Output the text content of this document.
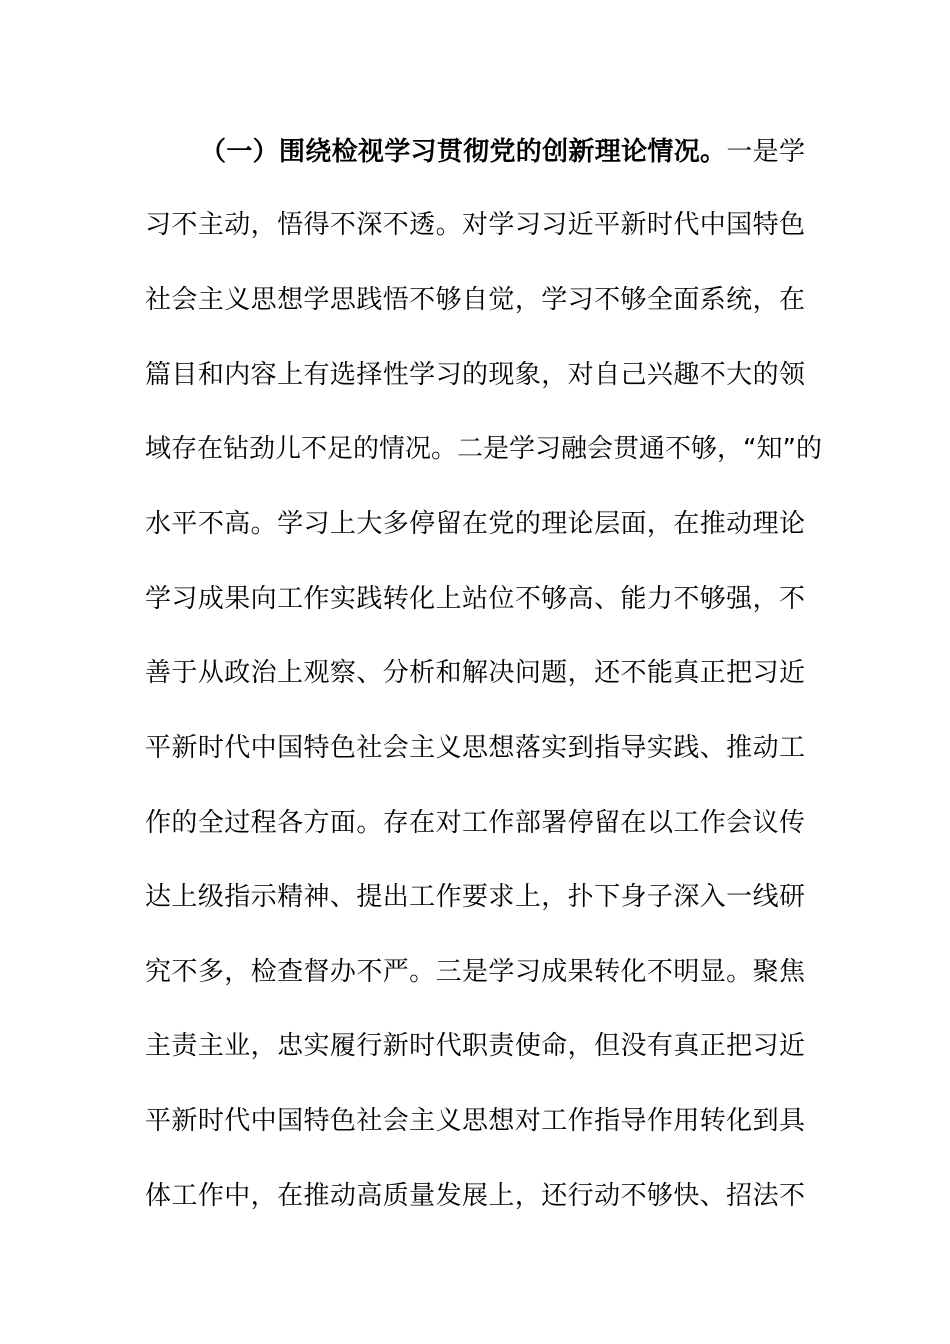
（一）围绕检视学习贯彻党的创新理论情况。一是学
习不主动，悟得不深不透。对学习习近平新时代中国特色
社会主义思想学思践悟不够自觉，学习不够全面系统，在
篇目和内容上有选择性学习的现象，对自己兴趣不大的领
域存在钻劲儿不足的情况。二是学习融会贯通不够，“知”的
水平不高。学习上大多停留在党的理论层面，在推动理论
学习成果向工作实践转化上站位不够高、能力不够强，不
善于从政治上观察、分析和解决问题，还不能真正把习近
平新时代中国特色社会主义思想落实到指导实践、推动工
作的全过程各方面。存在对工作部署停留在以工作会议传
达上级指示精神、提出工作要求上，扑下身子深入一线研
究不多，检查督办不严。三是学习成果转化不明显。聚焦
主责主业，忠实履行新时代职责使命，但没有真正把习近
平新时代中国特色社会主义思想对工作指导作用转化到具
体工作中，在推动高质量发展上，还行动不够快、招法不
